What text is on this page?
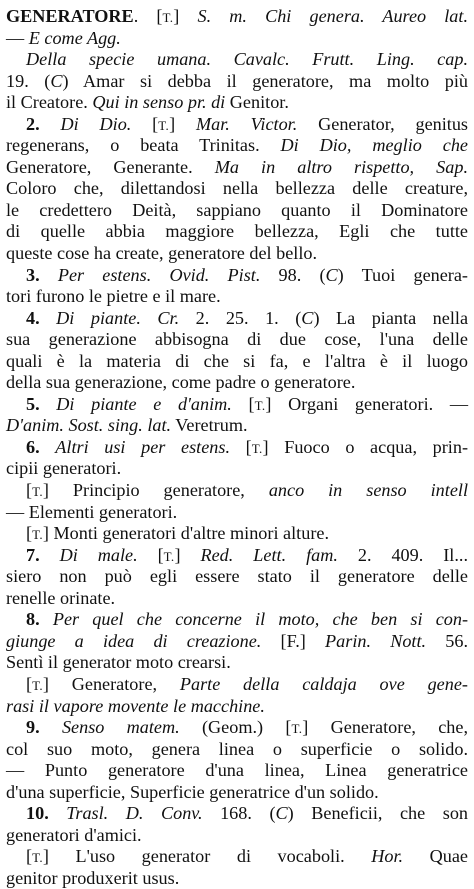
GENERATORE. [T.] S. m. Chi genera. Aureo lat.
— E come Agg.
Della specie umana. Cavalc. Frutt. Ling. cap.
19. (C) Amar si debba il generatore, ma molto più
il Creatore. Qui in senso pr. di Genitor.
2. Di Dio. [T.] Mar. Victor. Generator, genitus
regenerans, o beata Trinitas. Di Dio, meglio che
Generatore, Generante. Ma in altro rispetto, Sap.
Coloro che, dilettandosi nella bellezza delle creature,
le credettero Deità, sappiano quanto il Dominatore
di quelle abbia maggiore bellezza, Egli che tutte
queste cose ha create, generatore del bello.
3. Per estens. Ovid. Pist. 98. (C) Tuoi genera-
tori furono le pietre e il mare.
4. Di piante. Cr. 2. 25. 1. (C) La pianta nella
sua generazione abbisogna di due cose, l'una delle
quali è la materia di che si fa, e l'altra è il luogo
della sua generazione, come padre o generatore.
5. Di piante e d'anim. [T.] Organi generatori. —
D'anim. Sost. sing. lat. Veretrum.
6. Altri usi per estens. [T.] Fuoco o acqua, prin-
cipii generatori.
[T.] Principio generatore, anco in senso intell
— Elementi generatori.
[T.] Monti generatori d'altre minori alture.
7. Di male. [T.] Red. Lett. fam. 2. 409. Il...
siero non può egli essere stato il generatore delle
renelle orinate.
8. Per quel che concerne il moto, che ben si con-
giunge a idea di creazione. [F.] Parin. Nott. 56.
Sentì il generator moto crearsi.
[T.] Generatore, Parte della caldaja ove gene-
rasi il vapore movente le macchine.
9. Senso matem. (Geom.) [T.] Generatore, che,
col suo moto, genera linea o superficie o solido.
— Punto generatore d'una linea, Linea generatrice
d'una superficie, Superficie generatrice d'un solido.
10. Trasl. D. Conv. 168. (C) Beneficii, che son
generatori d'amici.
[T.] L'uso generator di vocaboli. Hor. Quae
genitor produxerit usus.
